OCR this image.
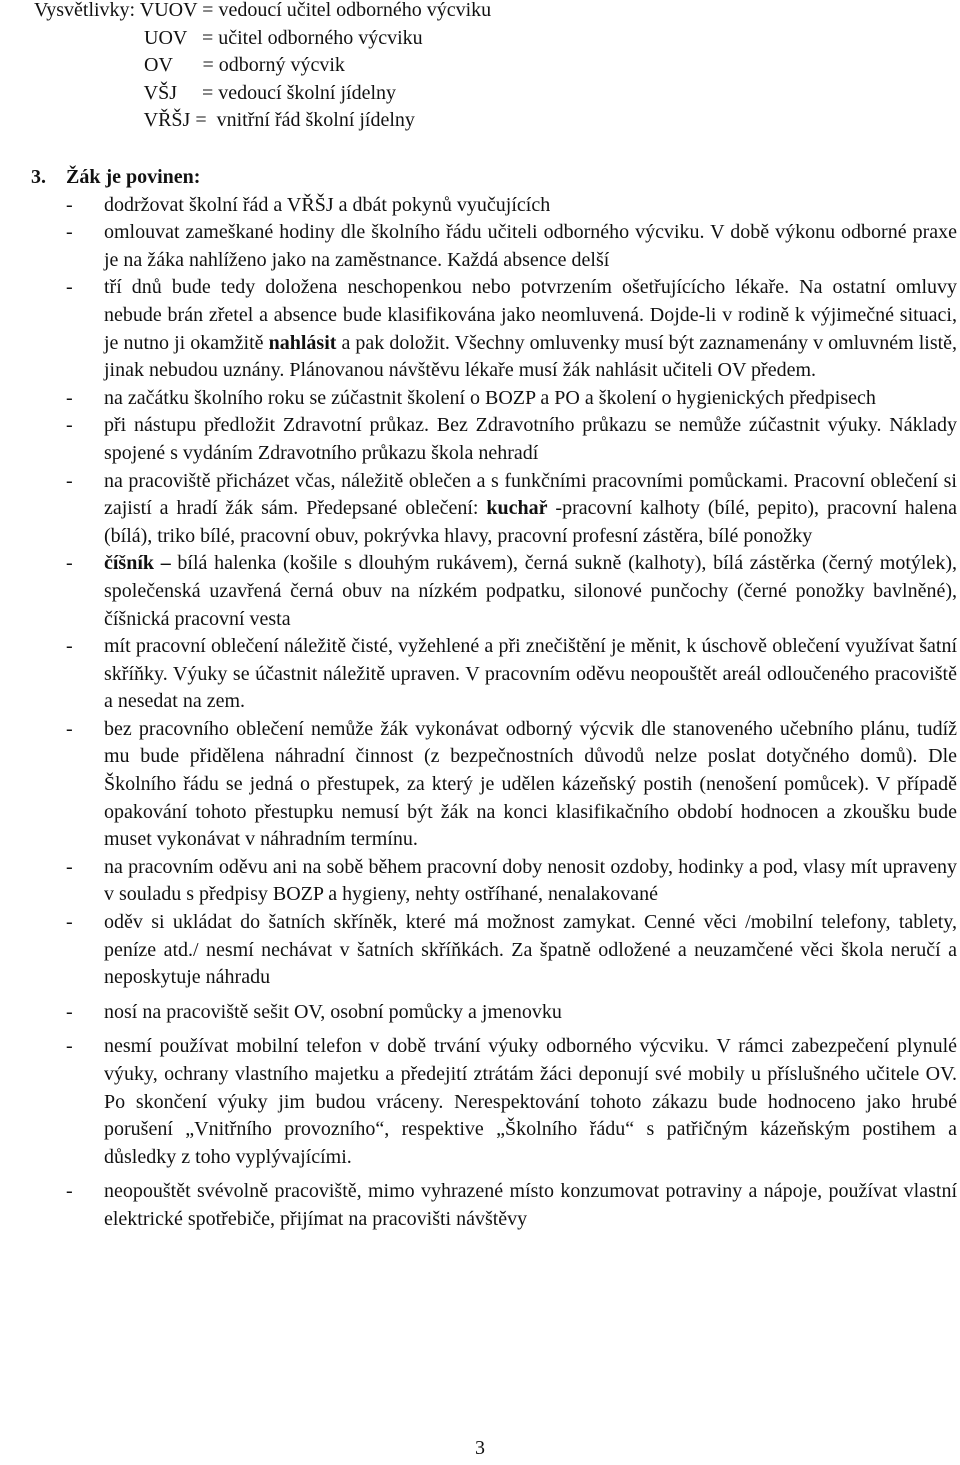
Vysvětlivky: VUOV = vedoucí učitel odborného výcviku
UOV   = učitel odborného výcviku
OV      = odborný výcvik
VŠJ     = vedoucí školní jídelny
VŘŠJ =  vnitřní řád školní jídelny
3. Žák je povinen:
- dodržovat školní řád a VŘŠJ a dbát pokynů vyučujících
- omlouvat zameškané hodiny dle školního řádu učiteli odborného výcviku. V době výkonu odborné praxe je na žáka nahlíženo jako na zaměstnance. Každá absence delší
- tří dnů bude tedy doložena neschopenkou nebo potvrzením ošetřujícícho lékaře. Na ostatní omluvy nebude brán zřetel a absence bude klasifikována jako neomluvená. Dojde-li v rodině k výjimečné situaci, je nutno ji okamžitě nahlásit a pak doložit. Všechny omluvenky musí být zaznamenány v omluvném listě, jinak nebudou uznány. Plánovanou návštěvu lékaře musí žák nahlásit učiteli OV předem.
- na začátku školního roku se zúčastnit školení o BOZP a PO a školení o hygienických předpisech
- při nástupu předložit Zdravotní průkaz. Bez Zdravotního průkazu se nemůže zúčastnit výuky. Náklady spojené s vydáním Zdravotního průkazu škola nehradí
- na pracoviště přicházet včas, náležitě oblečen a s funkčními pracovními pomůckami. Pracovní oblečení si zajistí a hradí žák sám. Předepsané oblečení: kuchař -pracovní kalhoty (bílé, pepito), pracovní halena (bílá), triko bílé, pracovní obuv, pokrývka hlavy, pracovní profesní zástěra, bílé ponožky
- číšník – bílá halenka (košile s dlouhým rukávem), černá sukně (kalhoty), bílá zástěrka (černý motýlek), společenská uzavřená černá obuv na nízkém podpatku, silonové punčochy (černé ponožky bavlněné), číšnická pracovní vesta
- mít pracovní oblečení náležitě čisté, vyžehlené a při znečištění je měnit, k úschově oblečení využívat šatní skříňky. Výuky se účastnit náležitě upraven. V pracovním oděvu neopouštět areál odloučeného pracoviště a nesedat na zem.
- bez pracovního oblečení nemůže žák vykonávat odborný výcvik dle stanoveného učebního plánu, tudíž mu bude přidělena náhradní činnost (z bezpečnostních důvodů nelze poslat dotyčného domů). Dle Školního řádu se jedná o přestupek, za který je udělen kázeňský postih (nenošení pomůcek). V případě opakování tohoto přestupku nemusí být žák na konci klasifikačního období hodnocen a zkoušku bude muset vykonávat v náhradním termínu.
- na pracovním oděvu ani na sobě během pracovní doby nenosit ozdoby, hodinky a pod, vlasy mít upraveny v souladu s předpisy BOZP a hygieny, nehty ostříhané, nenalakované
- oděv si ukládat do šatních skříněk, které má možnost zamykat. Cenné věci /mobilní telefony, tablety, peníze atd./ nesmí nechávat v šatních skříňkách. Za špatně odložené a neuzamčené věci škola neručí a neposkytuje náhradu
- nosí na pracoviště sešit OV, osobní pomůcky a jmenovku
- nesmí používat mobilní telefon v době trvání výuky odborného výcviku. V rámci zabezpečení plynulé výuky, ochrany vlastního majetku a předejití ztrátám žáci deponují své mobily u příslušného učitele OV. Po skončení výuky jim budou vráceny. Nerespektování tohoto zákazu bude hodnoceno jako hrubé porušení „Vnitřního provozního“, respektive „Školního řádu“ s patřičným kázeňským postihem a důsledky z toho vyplývajícími.
- neopouštět svévolně pracoviště, mimo vyhrazené místo konzumovat potraviny a nápoje, používat vlastní elektrické spotřebiče, přijímat na pracovišti návštěvy
3
